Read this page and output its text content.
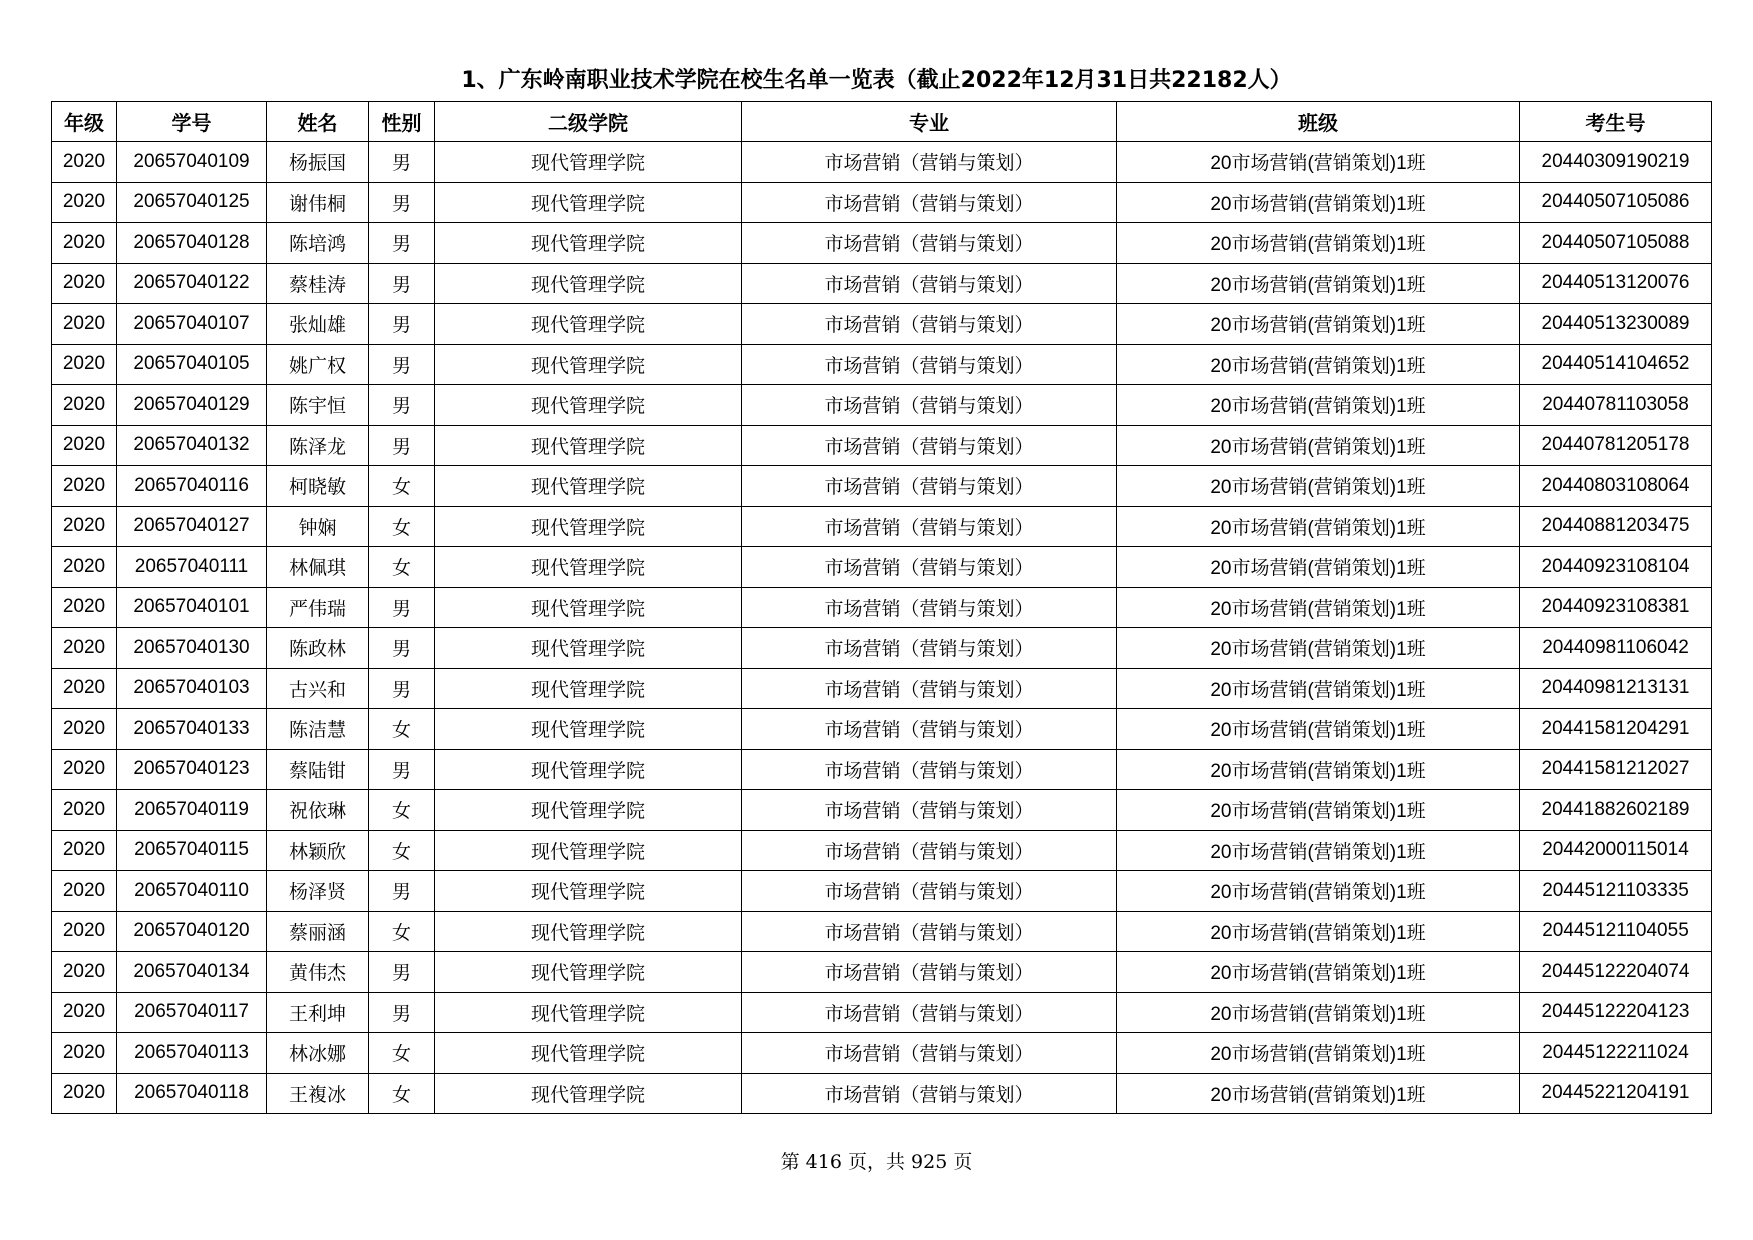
1、广东岭南职业技术学院在校生名单一览表（截止2022年12月31日共22182人）
年级	学号	姓名	性别	二级学院	专业	班级	考生号
2020	20657040109	杨振国	男	现代管理学院	市场营销（营销与策划）	20市场营销(营销策划)1班	20440309190219
2020	20657040125	谢伟桐	男	现代管理学院	市场营销（营销与策划）	20市场营销(营销策划)1班	20440507105086
2020	20657040128	陈培鸿	男	现代管理学院	市场营销（营销与策划）	20市场营销(营销策划)1班	20440507105088
2020	20657040122	蔡桂涛	男	现代管理学院	市场营销（营销与策划）	20市场营销(营销策划)1班	20440513120076
2020	20657040107	张灿雄	男	现代管理学院	市场营销（营销与策划）	20市场营销(营销策划)1班	20440513230089
2020	20657040105	姚广权	男	现代管理学院	市场营销（营销与策划）	20市场营销(营销策划)1班	20440514104652
2020	20657040129	陈宇恒	男	现代管理学院	市场营销（营销与策划）	20市场营销(营销策划)1班	20440781103058
2020	20657040132	陈泽龙	男	现代管理学院	市场营销（营销与策划）	20市场营销(营销策划)1班	20440781205178
2020	20657040116	柯晓敏	女	现代管理学院	市场营销（营销与策划）	20市场营销(营销策划)1班	20440803108064
2020	20657040127	钟娴	女	现代管理学院	市场营销（营销与策划）	20市场营销(营销策划)1班	20440881203475
2020	20657040111	林佩琪	女	现代管理学院	市场营销（营销与策划）	20市场营销(营销策划)1班	20440923108104
2020	20657040101	严伟瑞	男	现代管理学院	市场营销（营销与策划）	20市场营销(营销策划)1班	20440923108381
2020	20657040130	陈政林	男	现代管理学院	市场营销（营销与策划）	20市场营销(营销策划)1班	20440981106042
2020	20657040103	古兴和	男	现代管理学院	市场营销（营销与策划）	20市场营销(营销策划)1班	20440981213131
2020	20657040133	陈洁慧	女	现代管理学院	市场营销（营销与策划）	20市场营销(营销策划)1班	20441581204291
2020	20657040123	蔡陆钳	男	现代管理学院	市场营销（营销与策划）	20市场营销(营销策划)1班	20441581212027
2020	20657040119	祝依琳	女	现代管理学院	市场营销（营销与策划）	20市场营销(营销策划)1班	20441882602189
2020	20657040115	林颖欣	女	现代管理学院	市场营销（营销与策划）	20市场营销(营销策划)1班	20442000115014
2020	20657040110	杨泽贤	男	现代管理学院	市场营销（营销与策划）	20市场营销(营销策划)1班	20445121103335
2020	20657040120	蔡丽涵	女	现代管理学院	市场营销（营销与策划）	20市场营销(营销策划)1班	20445121104055
2020	20657040134	黄伟杰	男	现代管理学院	市场营销（营销与策划）	20市场营销(营销策划)1班	20445122204074
2020	20657040117	王利坤	男	现代管理学院	市场营销（营销与策划）	20市场营销(营销策划)1班	20445122204123
2020	20657040113	林冰娜	女	现代管理学院	市场营销（营销与策划）	20市场营销(营销策划)1班	20445122211024
2020	20657040118	王複冰	女	现代管理学院	市场营销（营销与策划）	20市场营销(营销策划)1班	20445221204191
第 416 页，共 925 页
